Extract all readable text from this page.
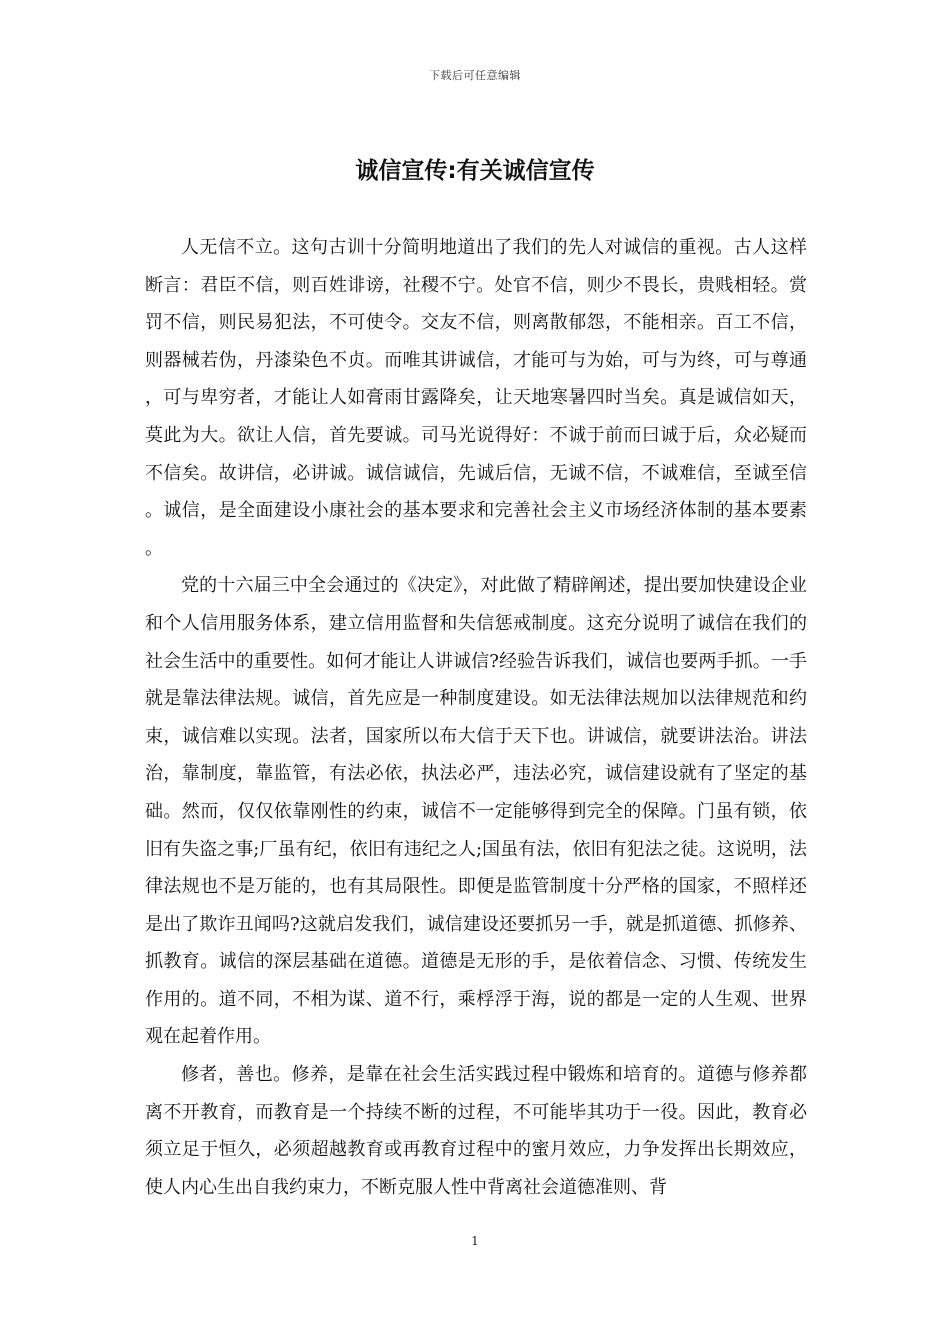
下载后可任意编辑
诚信宣传:有关诚信宣传

人无信不立。这句古训十分简明地道出了我们的先人对诚信的重视。古人这样断言：君臣不信，则百姓诽谤，社稷不宁。处官不信，则少不畏长，贵贱相轻。赏罚不信，则民易犯法，不可使令。交友不信，则离散郁怨，不能相亲。百工不信，则器械若伪，丹漆染色不贞。而唯其讲诚信，才能可与为始，可与为终，可与尊通，可与卑穷者，才能让人如膏雨甘露降矣，让天地寒暑四时当矣。真是诚信如天，莫此为大。欲让人信，首先要诚。司马光说得好：不诚于前而曰诚于后，众必疑而不信矣。故讲信，必讲诚。诚信诚信，先诚后信，无诚不信，不诚难信，至诚至信。诚信，是全面建设小康社会的基本要求和完善社会主义市场经济体制的基本要素。

党的十六届三中全会通过的《决定》，对此做了精辟阐述，提出要加快建设企业和个人信用服务体系，建立信用监督和失信惩戒制度。这充分说明了诚信在我们的社会生活中的重要性。如何才能让人讲诚信?经验告诉我们，诚信也要两手抓。一手就是靠法律法规。诚信，首先应是一种制度建设。如无法律法规加以法律规范和约束，诚信难以实现。法者，国家所以布大信于天下也。讲诚信，就要讲法治。讲法治，靠制度，靠监管，有法必依，执法必严，违法必究，诚信建设就有了坚定的基础。然而，仅仅依靠刚性的约束，诚信不一定能够得到完全的保障。门虽有锁，依旧有失盗之事;厂虽有纪，依旧有违纪之人;国虽有法，依旧有犯法之徒。这说明，法律法规也不是万能的，也有其局限性。即便是监管制度十分严格的国家，不照样还是出了欺诈丑闻吗?这就启发我们，诚信建设还要抓另一手，就是抓道德、抓修养、抓教育。诚信的深层基础在道德。道德是无形的手，是依着信念、习惯、传统发生作用的。道不同，不相为谋、道不行，乘桴浮于海，说的都是一定的人生观、世界观在起着作用。

修者，善也。修养，是靠在社会生活实践过程中锻炼和培育的。道德与修养都离不开教育，而教育是一个持续不断的过程，不可能毕其功于一役。因此，教育必须立足于恒久，必须超越教育或再教育过程中的蜜月效应，力争发挥出长期效应，使人内心生出自我约束力，不断克服人性中背离社会道德准则、背

1
